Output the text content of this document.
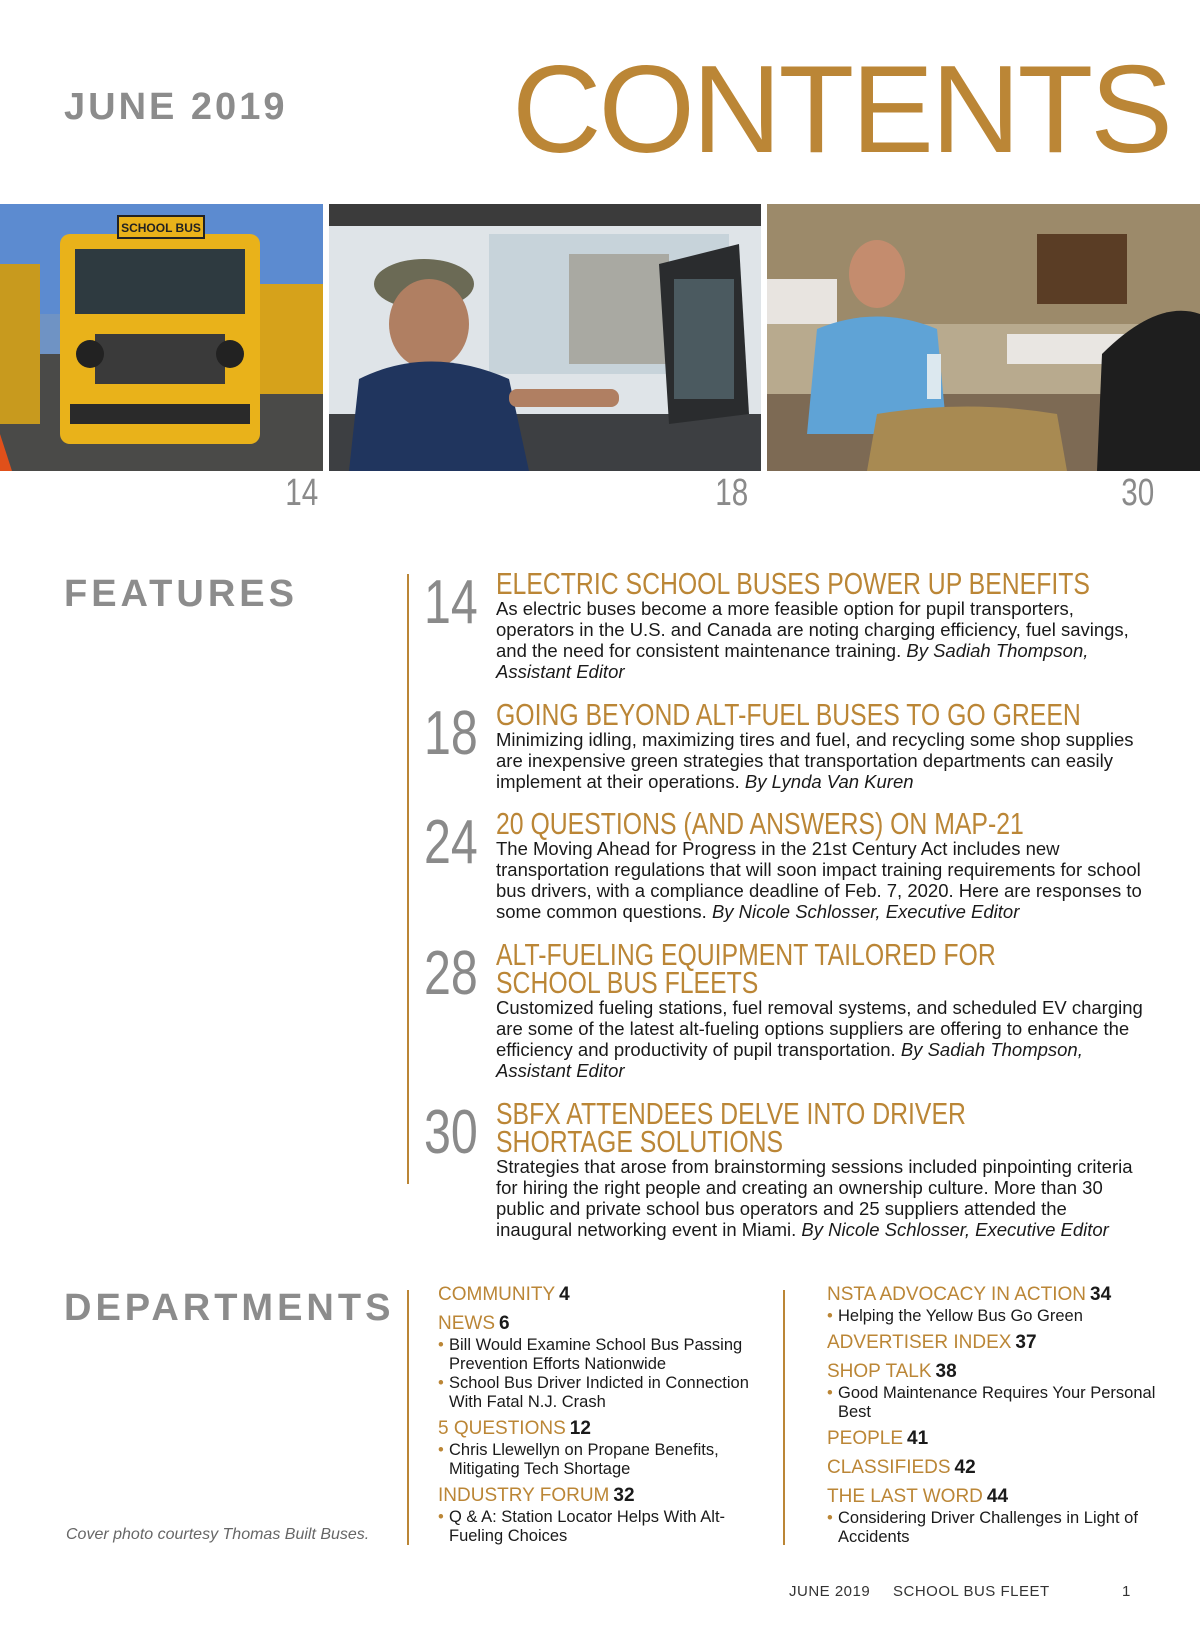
JUNE 2019 CONTENTS
SCHOOL BUS
14	18	30
FEATURES 14 ELECTRIC SCHOOL BUSES POWER UP BENEFITS
As electric buses become a more feasible option for pupil transporters, operators in the U.S. and Canada are noting charging efficiency, fuel savings, and the need for consistent maintenance training. By Sadiah Thompson, Assistant Editor
18 GOING BEYOND ALT-FUEL BUSES TO GO GREEN
Minimizing idling, maximizing tires and fuel, and recycling some shop supplies are inexpensive green strategies that transportation departments can easily implement at their operations. By Lynda Van Kuren
24 20 QUESTIONS (AND ANSWERS) ON MAP-21
The Moving Ahead for Progress in the 21st Century Act includes new transportation regulations that will soon impact training requirements for school bus drivers, with a compliance deadline of Feb. 7, 2020. Here are responses to some common questions. By Nicole Schlosser, Executive Editor
28 ALT-FUELING EQUIPMENT TAILORED FOR SCHOOL BUS FLEETS
Customized fueling stations, fuel removal systems, and scheduled EV charging are some of the latest alt-fueling options suppliers are offering to enhance the efficiency and productivity of pupil transportation. By Sadiah Thompson, Assistant Editor
30 SBFX ATTENDEES DELVE INTO DRIVER SHORTAGE SOLUTIONS
Strategies that arose from brainstorming sessions included pinpointing criteria for hiring the right people and creating an ownership culture. More than 30 public and private school bus operators and 25 suppliers attended the inaugural networking event in Miami. By Nicole Schlosser, Executive Editor
DEPARTMENTS COMMUNITY 4
NEWS 6
• Bill Would Examine School Bus Passing Prevention Efforts Nationwide
• School Bus Driver Indicted in Connection With Fatal N.J. Crash
5 QUESTIONS 12
• Chris Llewellyn on Propane Benefits, Mitigating Tech Shortage
INDUSTRY FORUM 32
• Q & A: Station Locator Helps With Alt-Fueling Choices
NSTA ADVOCACY IN ACTION 34
• Helping the Yellow Bus Go Green
ADVERTISER INDEX 37
SHOP TALK 38
• Good Maintenance Requires Your Personal Best
PEOPLE 41
CLASSIFIEDS 42
THE LAST WORD 44
• Considering Driver Challenges in Light of Accidents
Cover photo courtesy Thomas Built Buses.
JUNE 2019 SCHOOL BUS FLEET	1
